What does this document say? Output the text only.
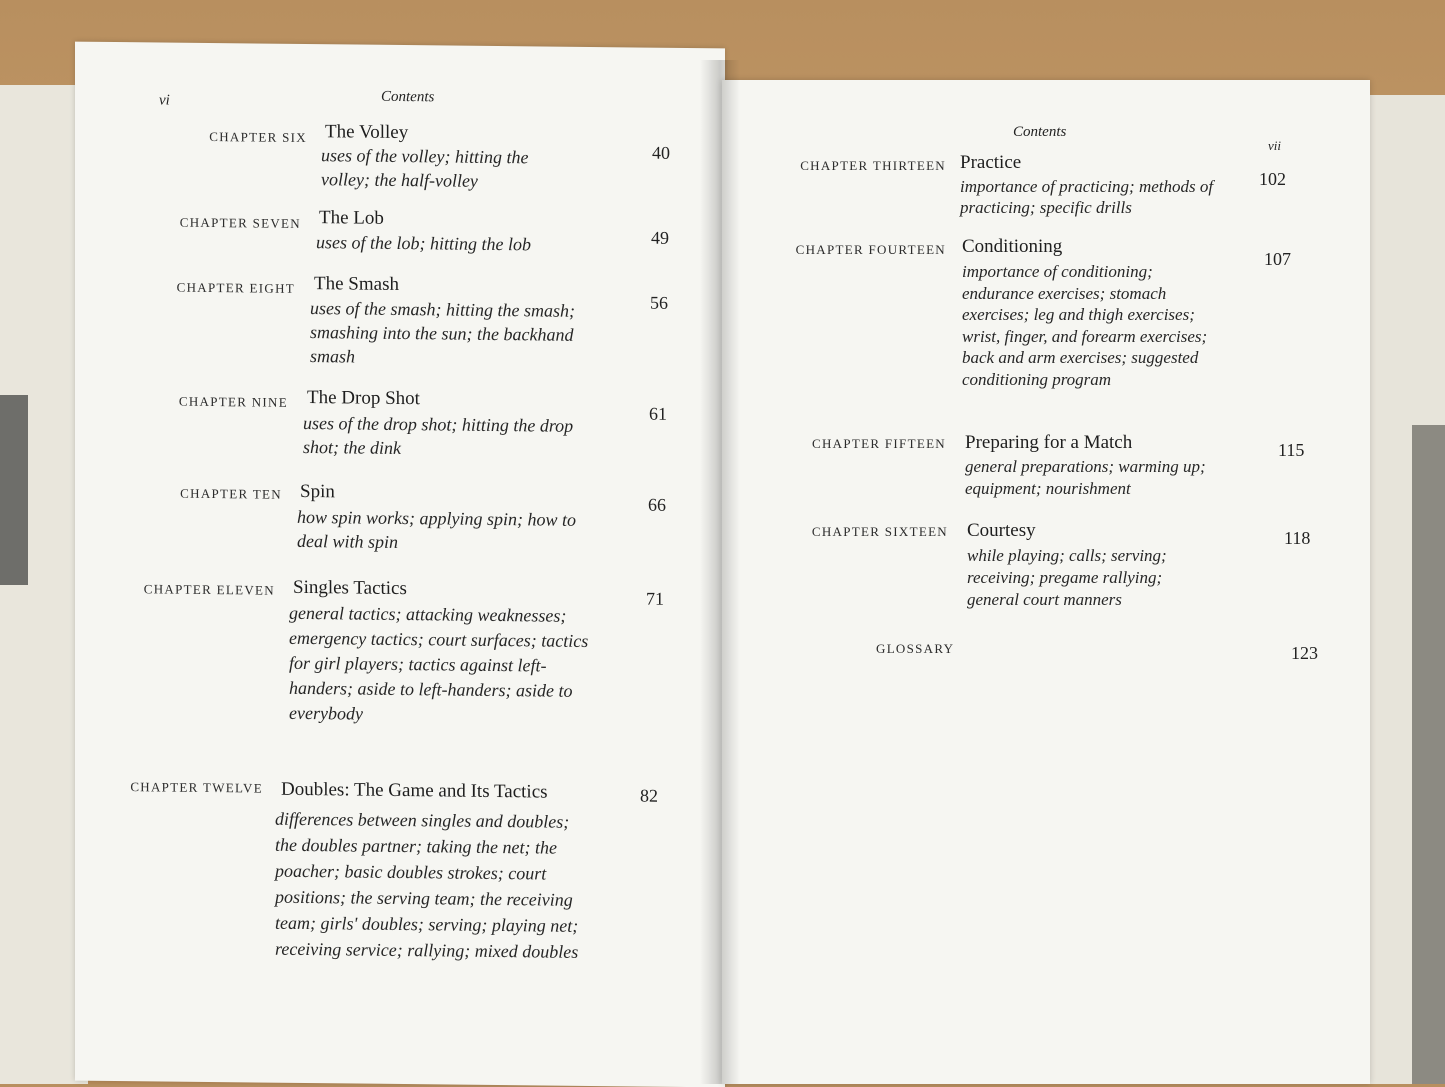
vi	Contents
CHAPTER SIX The Volley
uses of the volley; hitting the volley; the half-volley
40
CHAPTER SEVEN The Lob
uses of the lob; hitting the lob	49
CHAPTER EIGHT The Smash
uses of the smash; hitting the smash; smashing into the sun; the backhand smash
56
CHAPTER NINE The Drop Shot
uses of the drop shot; hitting the drop shot; the dink
61
CHAPTER TEN Spin
how spin works; applying spin; how to deal with spin
66
CHAPTER ELEVEN Singles Tactics
general tactics; attacking weaknesses; emergency tactics; court surfaces; tactics for girl players; tactics against left-handers; aside to left-handers; aside to everybody
71
CHAPTER TWELVE Doubles: The Game and Its Tactics
differences between singles and doubles; the doubles partner; taking the net; the poacher; basic doubles strokes; court positions; the serving team; the receiving team; girls' doubles; serving; playing net; receiving service; rallying; mixed doubles
82
Contents
vii
CHAPTER THIRTEEN Practice
importance of practicing; methods of practicing; specific drills
102
CHAPTER FOURTEEN Conditioning
importance of conditioning; endurance exercises; stomach exercises; leg and thigh exercises; wrist, finger, and forearm exercises; back and arm exercises; suggested conditioning program
107
CHAPTER FIFTEEN Preparing for a Match
general preparations; warming up; equipment; nourishment
115
CHAPTER SIXTEEN Courtesy
while playing; calls; serving; receiving; pregame rallying; general court manners
118
GLOSSARY	123
